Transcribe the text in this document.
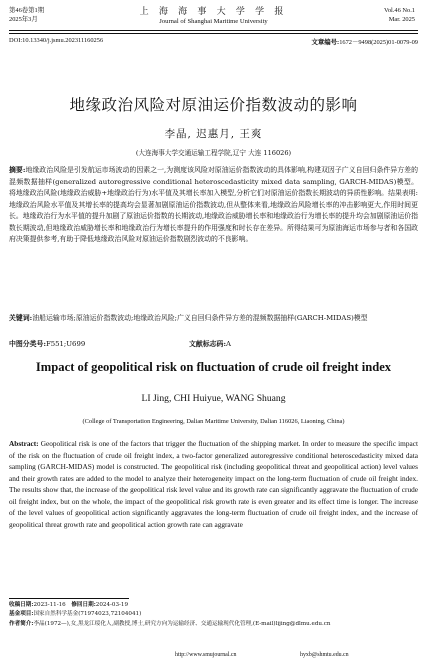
第46卷第1期
2025年3月
上 海 海 事 大 学 学 报
Journal of Shanghai Maritime University
Vol.46 No.1
Mar. 2025
DOI:10.13340/j.jsmu.202311160256	文章编号:1672－9498(2025)01-0079-09
地缘政治风险对原油运价指数波动的影响
李晶, 迟惠月, 王爽
(大连海事大学交通运输工程学院,辽宁 大连 116026)
摘要:地缘政治风险是引发航运市场波动的因素之一,为测度该风险对原油运价指数波动的具体影响,构建双因子广义自回归条件异方差的混频数据抽样(generalized autoregressive conditional heteroscedasticity mixed data sampling, GARCH-MIDAS)模型。将地缘政治风险(地缘政治威胁+地缘政治行为)水平值及其增长率加入模型,分析它们对原油运价指数长期波动的异质性影响。结果表明:地缘政治风险水平值及其增长率的提高均会显著加剧原油运价指数波动,但从整体来看,地缘政治风险增长率的冲击影响更大,作用时间更长。地缘政治行为水平值的提升加剧了原油运价指数的长期波动,地缘政治威胁增长率和地缘政治行为增长率的提升均会加剧原油运价指数长期波动,但地缘政治威胁增长率和地缘政治行为增长率提升的作用强度和时长存在差异。所得结果可为原油海运市场参与者和各国政府决策提供参考,有助于降低地缘政治风险对原油运价指数剧烈波动的不良影响。
关键词:油船运输市场;原油运价指数波动;地缘政治风险;广义自回归条件异方差的混频数据抽样(GARCH-MIDAS)模型
中图分类号:F551;U699	文献标志码:A
Impact of geopolitical risk on fluctuation of crude oil freight index
LI Jing, CHI Huiyue, WANG Shuang
(College of Transportation Engineering, Dalian Maritime University, Dalian 116026, Liaoning, China)
Abstract: Geopolitical risk is one of the factors that trigger the fluctuation of the shipping market. In order to measure the specific impact of the risk on the fluctuation of crude oil freight index, a two-factor generalized autoregressive conditional heteroscedasticity mixed data sampling (GARCH-MIDAS) model is constructed. The geopolitical risk (including geopolitical threat and geopolitical action) level values and their growth rates are added to the model to analyze their heterogeneity impact on the long-term fluctuation of crude oil freight index. The results show that, the increase of the geopolitical risk level value and its growth rate can significantly aggravate the fluctuation of crude oil freight index, but on the whole, the impact of the geopolitical risk growth rate is even greater and its effect time is longer. The increase of the level values of geopolitical action significantly aggravates the long-term fluctuation of crude oil freight index, and the increase of geopolitical threat growth rate and geopolitical action growth rate can aggravate
收稿日期:2023-11-16　 修回日期:2024-03-19
基金项目:国家自然科学基金(71974023,72104041)
作者简介:李晶(1972—),女,黑龙江绥化人,副教授,博士,研究方向为运输经济、交通运输现代化管理,(E-mail)lijing@dlmu.edu.cn
http://www.smujournal.cn	hyxb@shmtu.edu.cn
